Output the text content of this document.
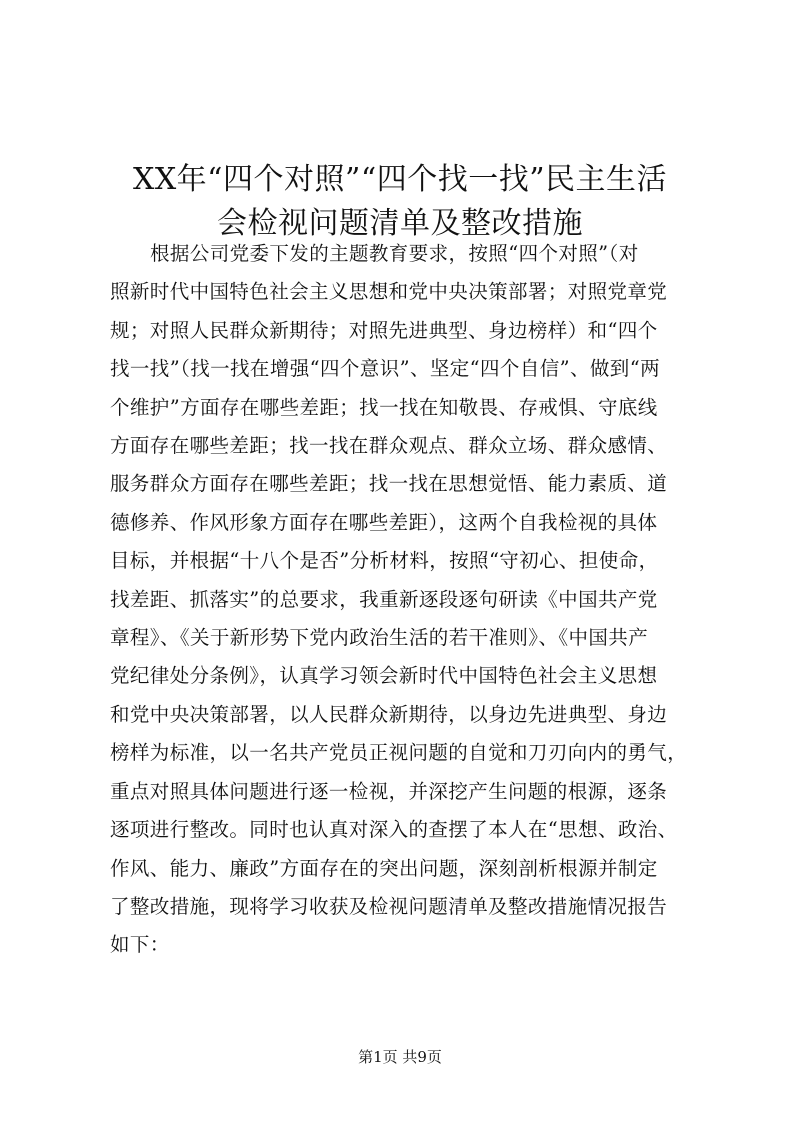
XX年“四个对照”“四个找一找”民主生活
会检视问题清单及整改措施
根据公司党委下发的主题教育要求，按照“四个对照”（对
照新时代中国特色社会主义思想和党中央决策部署；对照党章党
规；对照人民群众新期待；对照先进典型、身边榜样）和“四个
找一找”（找一找在增强“四个意识”、坚定“四个自信”、做到“两
个维护”方面存在哪些差距；找一找在知敬畏、存戒惧、守底线
方面存在哪些差距；找一找在群众观点、群众立场、群众感情、
服务群众方面存在哪些差距；找一找在思想觉悟、能力素质、道
德修养、作风形象方面存在哪些差距），这两个自我检视的具体
目标，并根据“十八个是否”分析材料，按照“守初心、担使命，
找差距、抓落实”的总要求，我重新逐段逐句研读《中国共产党
章程》、《关于新形势下党内政治生活的若干准则》、《中国共产
党纪律处分条例》，认真学习领会新时代中国特色社会主义思想
和党中央决策部署，以人民群众新期待，以身边先进典型、身边
榜样为标准，以一名共产党员正视问题的自觉和刀刃向内的勇气，
重点对照具体问题进行逐一检视，并深挖产生问题的根源，逐条
逐项进行整改。同时也认真对深入的查摆了本人在“思想、政治、
作风、能力、廉政”方面存在的突出问题，深刻剖析根源并制定
了整改措施，现将学习收获及检视问题清单及整改措施情况报告
如下：
第1页 共9页
